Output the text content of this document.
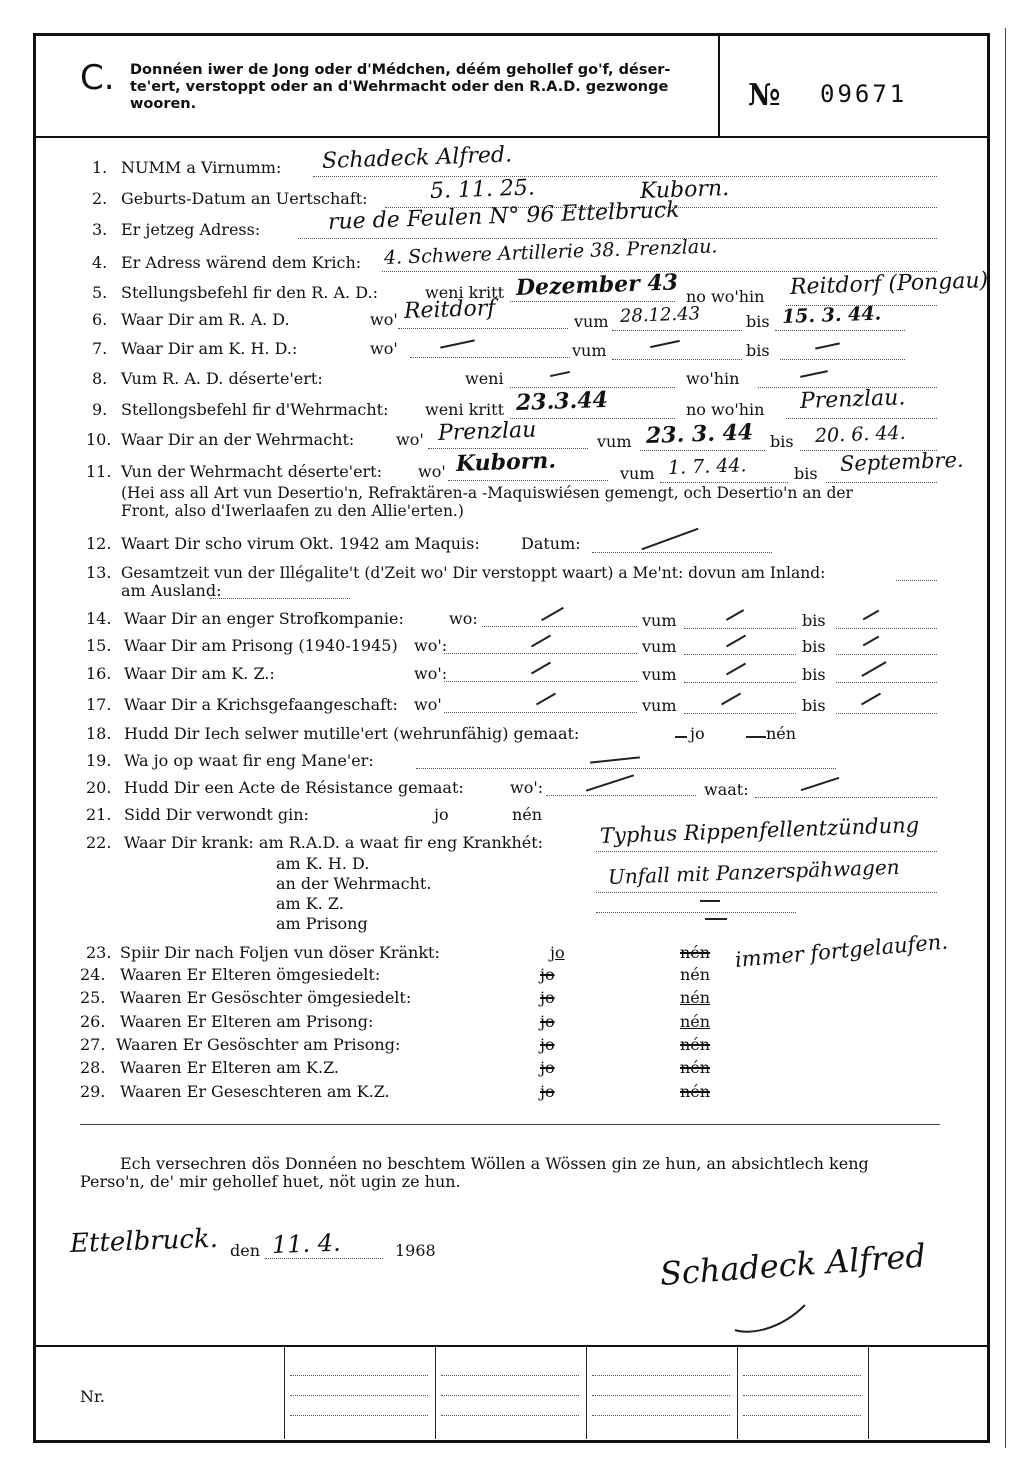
C. Donnéen iwer de Jong oder d'Médchen, déém gehollef go'f, déser-te'ert, verstoppt oder an d'Wehrmacht oder den R.A.D. gezwonge wooren.	№ 09671
1. NUMM a Virnumm: Schadeck Alfred.
2. Geburts-Datum an Uertschaft:	5. 11. 25.	Kuborn.
3. Er jetzeg Adress:	rue de Feulen N° 96 Ettelbruck
4. Er Adress wärend dem Krich: 4. Schwere Artillerie 38. Prenzlau.
5. Stellungsbefehl fir den R. A. D.:	weni kritt Dezember 43 no wo'hin Reitdorf (Pongau)
6. Waar Dir am R. A. D.	wo' Reitdorf	vum 28.12.43	bis 15. 3. 44.
7. Waar Dir am K. H. D.:	wo'	vum	bis
8. Vum R. A. D. déserte'ert:	weni	wo'hin
9. Stellongsbefehl fir d'Wehrmacht: weni kritt 23.3.44	no wo'hin Prenzlau.
10. Waar Dir an der Wehrmacht:	wo' Prenzlau	vum 23. 3. 44 bis 20. 6. 44.
11. Vun der Wehrmacht déserte'ert: wo' Kuborn.	vum 1. 7. 44.	bis Septembre.
(Hei ass all Art vun Desertio'n, Refraktären-a -Maquiswiésen gemengt, och Desertio'n an der
Front, also d'Iwerlaafen zu den Allie'erten.)
12. Waart Dir scho virum Okt. 1942 am Maquis:	Datum:
13. Gesamtzeit vun der Illégalite't (d'Zeit wo' Dir verstoppt waart) a Me'nt: dovun am Inland:
am Ausland:
14. Waar Dir an enger Strofkompanie:	wo:	vum	bis
15. Waar Dir am Prisong (1940-1945) wo':	vum	bis
16. Waar Dir am K. Z.:	wo':	vum	bis
17. Waar Dir a Krichsgefaangeschaft: wo'	vum	bis
18. Hudd Dir Iech selwer mutille'ert (wehrunfähig) gemaat:	jo	nén
19. Wa jo op waat fir eng Mane'er:
20. Hudd Dir een Acte de Résistance gemaat:	wo':	waat:
21. Sidd Dir verwondt gin:	jo	nén
22. Waar Dir krank: am R.A.D. a waat fir eng Krankhét:	Typhus Rippenfellentzündung
am K. H. D.
an der Wehrmacht.	Unfall mit Panzerspähwagen
am K. Z.
am Prisong
23. Spiir Dir nach Foljen vun döser Kränkt:	jo	nén immer fortgelaufen.
24. Waaren Er Elteren ömgesiedelt:	jo	nén
25. Waaren Er Gesöschter ömgesiedelt:	jo	nén
26. Waaren Er Elteren am Prisong:	jo	nén
27. Waaren Er Gesöschter am Prisong:	jo	nén
28. Waaren Er Elteren am K.Z.	jo	nén
29. Waaren Er Geseschteren am K.Z.	jo	nén
Ech versechren dös Donnéen no beschtem Wöllen a Wössen gin ze hun, an absichtlech keng
Perso'n, de' mir gehollef huet, nöt ugin ze hun.
Ettelbruck. den 11. 4.	1968	Schadeck Alfred
Nr.
